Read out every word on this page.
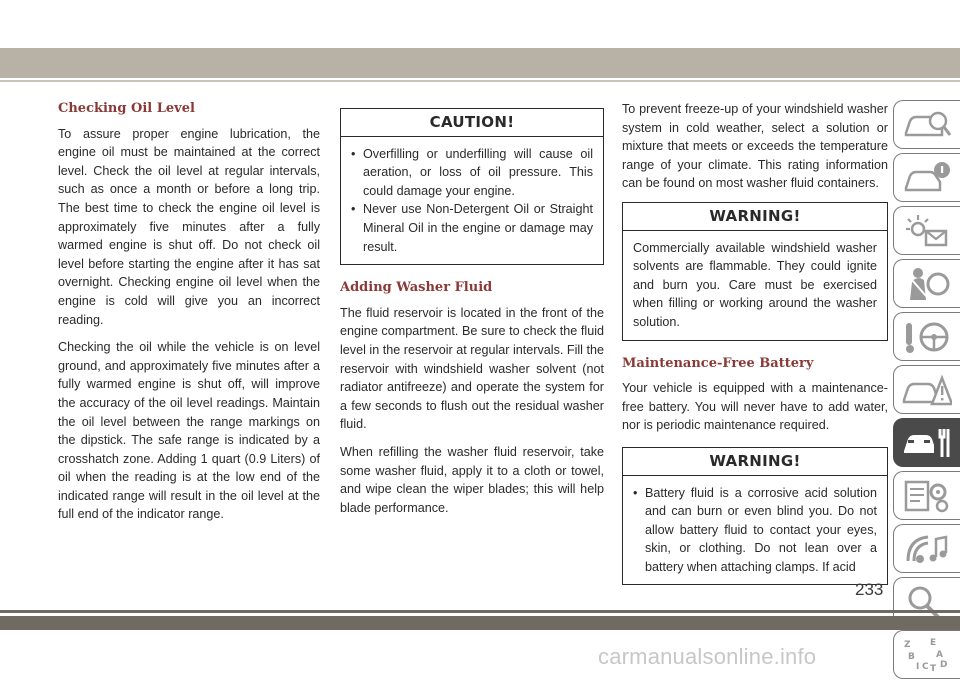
Checking Oil Level

To assure proper engine lubrication, the engine oil must be maintained at the correct level. Check the oil level at regular intervals, such as once a month or before a long trip. The best time to check the engine oil level is approximately five minutes after a fully warmed engine is shut off. Do not check oil level before starting the engine after it has sat overnight. Checking engine oil level when the engine is cold will give you an incorrect reading.

Checking the oil while the vehicle is on level ground, and approximately five minutes after a fully warmed engine is shut off, will improve the accuracy of the oil level readings. Maintain the oil level between the range markings on the dipstick. The safe range is indicated by a crosshatch zone. Adding 1 quart (0.9 Liters) of oil when the reading is at the low end of the indicated range will result in the oil level at the full end of the indicator range.

CAUTION!
• Overfilling or underfilling will cause oil aeration, or loss of oil pressure. This could damage your engine.
• Never use Non-Detergent Oil or Straight Mineral Oil in the engine or damage may result.
Adding Washer Fluid

The fluid reservoir is located in the front of the engine compartment. Be sure to check the fluid level in the reservoir at regular intervals. Fill the reservoir with windshield washer solvent (not radiator antifreeze) and operate the system for a few seconds to flush out the residual washer fluid.

When refilling the washer fluid reservoir, take some washer fluid, apply it to a cloth or towel, and wipe clean the wiper blades; this will help blade performance.

To prevent freeze-up of your windshield washer system in cold weather, select a solution or mixture that meets or exceeds the temperature range of your climate. This rating information can be found on most washer fluid containers.

WARNING!

Commercially available windshield washer solvents are flammable. They could ignite and burn you. Care must be exercised when filling or working around the washer solution.

Maintenance-Free Battery

Your vehicle is equipped with a maintenance-free battery. You will never have to add water, nor is periodic maintenance required.

WARNING!
• Battery fluid is a corrosive acid solution and can burn or even blind you. Do not allow battery fluid to contact your eyes, skin, or clothing. Do not lean over a battery when attaching clamps. If acid
Z E
B A
I C T D
233
carmanualsonline.info
